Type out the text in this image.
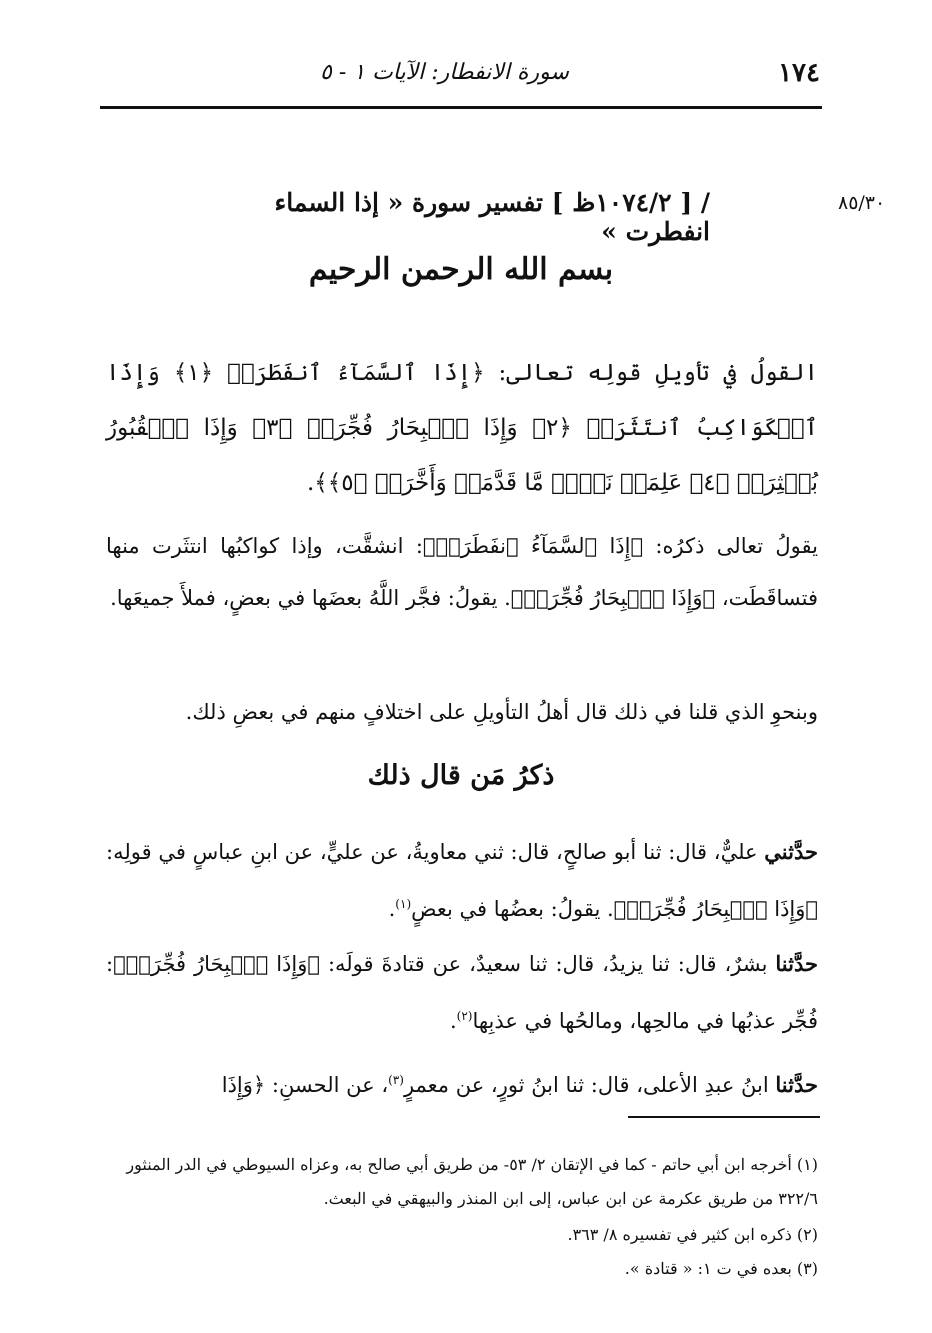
١٧٤
سورة الانفطار: الآيات ١ - ٥
٨٥/٣٠
/ [ ١٠٧٤/٢ظ ] تفسير سورة « إذا السماء انفطرت »
بسم الله الرحمن الرحيم
القولُ في تأويلِ قولِه تعالى: ﴿إِذَا ٱلسَّمَآءُ ٱنفَطَرَتۡ ﴿١﴾ وَإِذَا ٱلۡكَوَاكِبُ ٱنتَثَرَتۡ ﴿٢﴾ وَإِذَا ٱلۡبِحَارُ فُجِّرَتۡ ﴿٣﴾ وَإِذَا ٱلۡقُبُورُ بُعۡثِرَتۡ ﴿٤﴾ عَلِمَتۡ نَفۡسٞ مَّا قَدَّمَتۡ وَأَخَّرَتۡ ﴿٥﴾﴾.
يقولُ تعالى ذكرُه: ﴿إِذَا ٱلسَّمَآءُ ٱنفَطَرَتۡ﴾: انشقَّت، وإذا كواكبُها انتثَرت منها فتساقَطَت، ﴿وَإِذَا ٱلۡبِحَارُ فُجِّرَتۡ﴾. يقولُ: فجَّر اللَّهُ بعضَها في بعضٍ، فملأَ جميعَها.
وبنحوِ الذي قلنا في ذلك قال أهلُ التأويلِ على اختلافٍ منهم في بعضِ ذلك.
ذكرُ مَن قال ذلك
حدَّثني عليٌّ، قال: ثنا أبو صالحٍ، قال: ثني معاويةُ، عن عليٍّ، عن ابنِ عباسٍ في قولِه: ﴿وَإِذَا ٱلۡبِحَارُ فُجِّرَتۡ﴾. يقولُ: بعضُها في بعضٍ$^{(١)}$.
حدَّثنا بشرٌ، قال: ثنا يزيدُ، قال: ثنا سعيدٌ، عن قتادةَ قولَه: ﴿وَإِذَا ٱلۡبِحَارُ فُجِّرَتۡ﴾: فُجِّر عذبُها في مالحِها، ومالحُها في عذبِها$^{(٢)}$.
حدَّثنا ابنُ عبدِ الأعلى، قال: ثنا ابنُ ثورٍ، عن معمرٍ$^{(٣)}$، عن الحسنِ: ﴿وَإِذَا
(١) أخرجه ابن أبي حاتم - كما في الإتقان ٢/ ٥٣- من طريق أبي صالح به، وعزاه السيوطي في الدر المنثور ٣٢٢/٦ من طريق عكرمة عن ابن عباس، إلى ابن المنذر والبيهقي في البعث.
(٢) ذكره ابن كثير في تفسيره ٨/ ٣٦٣.
(٣) بعده في ت ١: « قتادة ».
